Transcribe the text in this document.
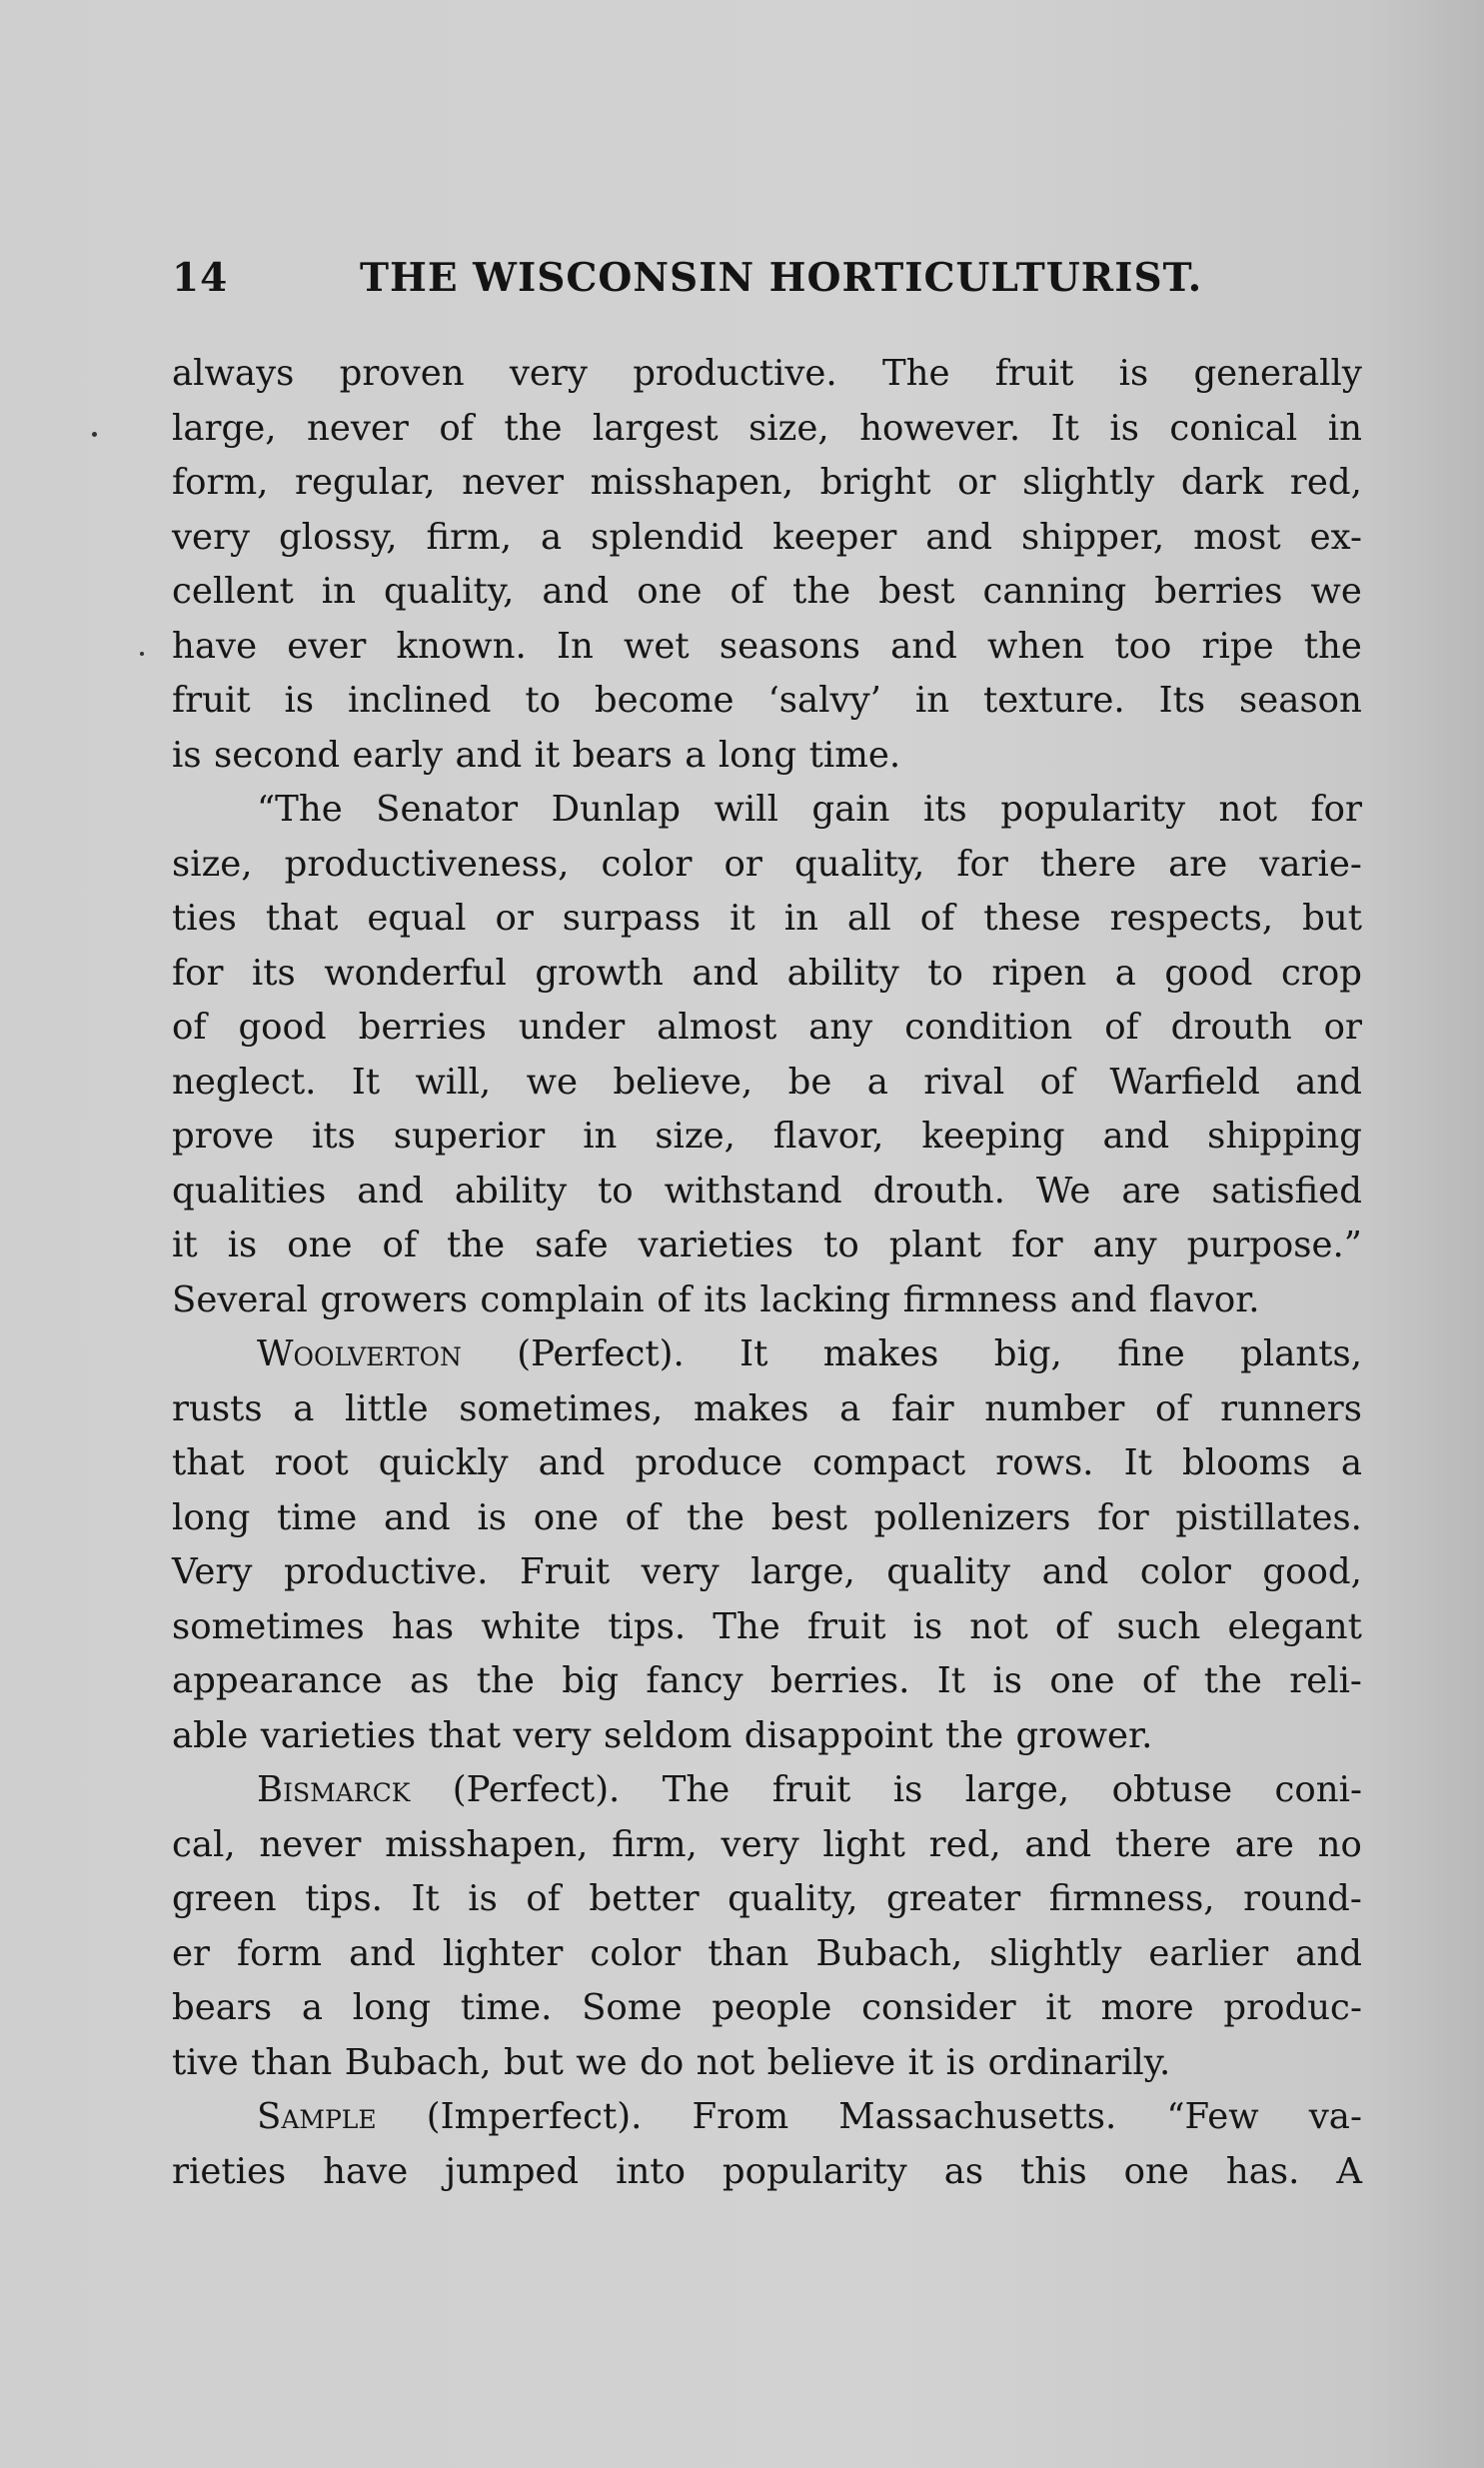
14	THE WISCONSIN HORTICULTURIST.
always proven very productive. The fruit is generally
large, never of the largest size, however. It is conical in
form, regular, never misshapen, bright or slightly dark red,
very glossy, firm, a splendid keeper and shipper, most ex-
cellent in quality, and one of the best canning berries we
have ever known. In wet seasons and when too ripe the
fruit is inclined to become ‘salvy’ in texture. Its season
is second early and it bears a long time.
“The Senator Dunlap will gain its popularity not for
size, productiveness, color or quality, for there are varie-
ties that equal or surpass it in all of these respects, but
for its wonderful growth and ability to ripen a good crop
of good berries under almost any condition of drouth or
neglect. It will, we believe, be a rival of Warfield and
prove its superior in size, flavor, keeping and shipping
qualities and ability to withstand drouth. We are satisfied
it is one of the safe varieties to plant for any purpose.”
Several growers complain of its lacking firmness and flavor.
Woolverton (Perfect). It makes big, fine plants,
rusts a little sometimes, makes a fair number of runners
that root quickly and produce compact rows. It blooms a
long time and is one of the best pollenizers for pistillates.
Very productive. Fruit very large, quality and color good,
sometimes has white tips. The fruit is not of such elegant
appearance as the big fancy berries. It is one of the reli-
able varieties that very seldom disappoint the grower.
Bismarck (Perfect). The fruit is large, obtuse coni-
cal, never misshapen, firm, very light red, and there are no
green tips. It is of better quality, greater firmness, round-
er form and lighter color than Bubach, slightly earlier and
bears a long time. Some people consider it more produc-
tive than Bubach, but we do not believe it is ordinarily.
Sample (Imperfect). From Massachusetts. “Few va-
rieties have jumped into popularity as this one has. A
